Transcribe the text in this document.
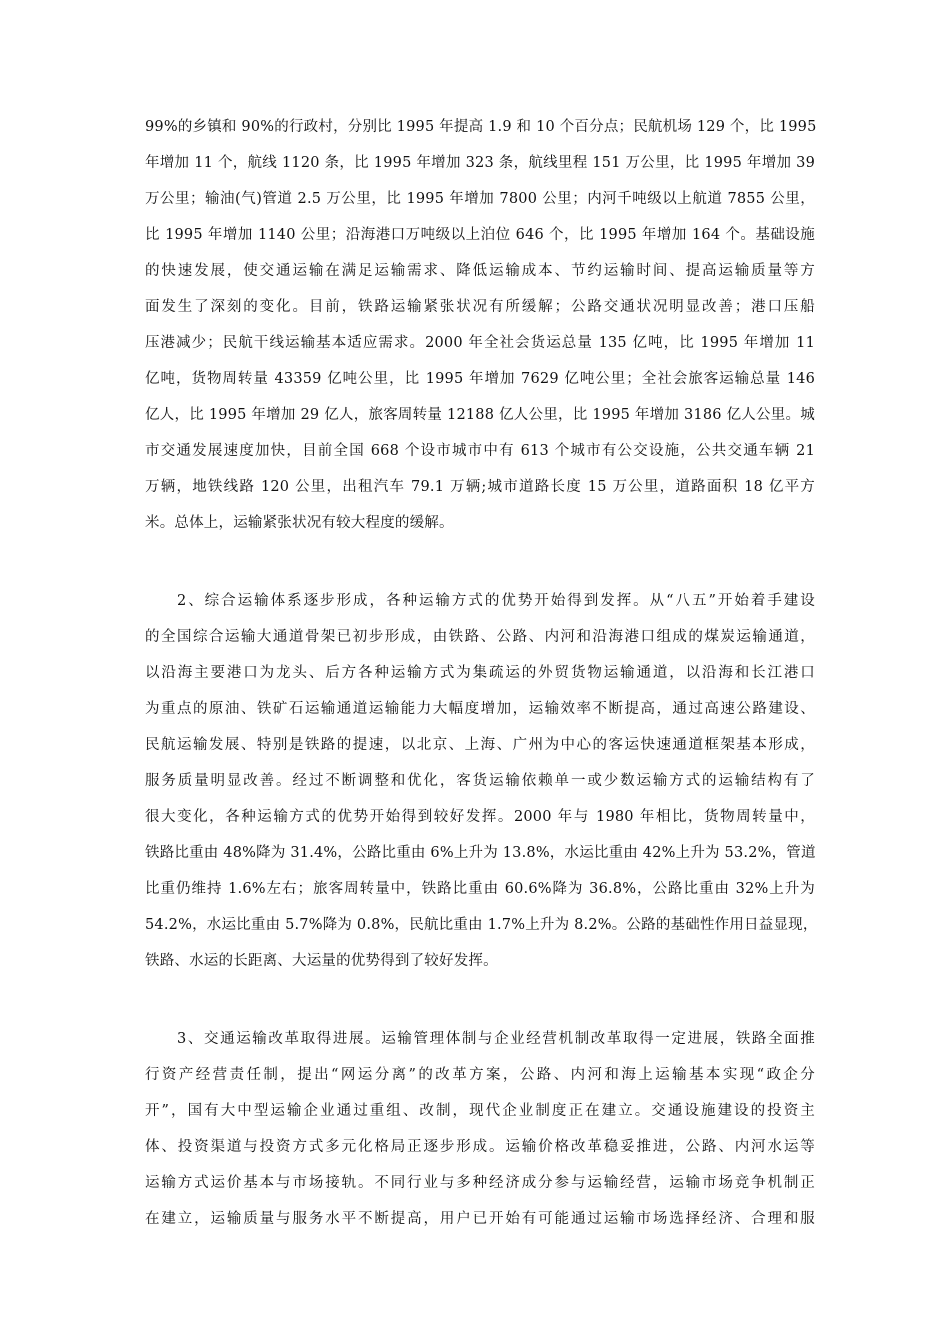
99%的乡镇和 90%的行政村，分别比 1995 年提高 1.9 和 10 个百分点；民航机场 129 个，比 1995
年增加 11 个，航线 1120 条，比 1995 年增加 323 条，航线里程 151 万公里，比 1995 年增加 39
万公里；输油(气)管道 2.5 万公里，比 1995 年增加 7800 公里；内河千吨级以上航道 7855 公里，
比 1995 年增加 1140 公里；沿海港口万吨级以上泊位 646 个，比 1995 年增加 164 个。基础设施
的快速发展，使交通运输在满足运输需求、降低运输成本、节约运输时间、提高运输质量等方
面发生了深刻的变化。目前，铁路运输紧张状况有所缓解；公路交通状况明显改善；港口压船
压港减少；民航干线运输基本适应需求。2000 年全社会货运总量 135 亿吨，比 1995 年增加 11
亿吨，货物周转量 43359 亿吨公里，比 1995 年增加 7629 亿吨公里；全社会旅客运输总量 146
亿人，比 1995 年增加 29 亿人，旅客周转量 12188 亿人公里，比 1995 年增加 3186 亿人公里。城
市交通发展速度加快，目前全国 668 个设市城市中有 613 个城市有公交设施，公共交通车辆 21
万辆，地铁线路 120 公里，出租汽车 79.1 万辆;城市道路长度 15 万公里，道路面积 18 亿平方
米。总体上，运输紧张状况有较大程度的缓解。
2、综合运输体系逐步形成，各种运输方式的优势开始得到发挥。从“八五”开始着手建设
的全国综合运输大通道骨架已初步形成，由铁路、公路、内河和沿海港口组成的煤炭运输通道，
以沿海主要港口为龙头、后方各种运输方式为集疏运的外贸货物运输通道，以沿海和长江港口
为重点的原油、铁矿石运输通道运输能力大幅度增加，运输效率不断提高，通过高速公路建设、
民航运输发展、特别是铁路的提速，以北京、上海、广州为中心的客运快速通道框架基本形成，
服务质量明显改善。经过不断调整和优化，客货运输依赖单一或少数运输方式的运输结构有了
很大变化，各种运输方式的优势开始得到较好发挥。2000 年与 1980 年相比，货物周转量中，
铁路比重由 48%降为 31.4%，公路比重由 6%上升为 13.8%，水运比重由 42%上升为 53.2%，管道
比重仍维持 1.6%左右；旅客周转量中，铁路比重由 60.6%降为 36.8%，公路比重由 32%上升为
54.2%，水运比重由 5.7%降为 0.8%，民航比重由 1.7%上升为 8.2%。公路的基础性作用日益显现，
铁路、水运的长距离、大运量的优势得到了较好发挥。
3、交通运输改革取得进展。运输管理体制与企业经营机制改革取得一定进展，铁路全面推
行资产经营责任制，提出“网运分离”的改革方案，公路、内河和海上运输基本实现“政企分
开”，国有大中型运输企业通过重组、改制，现代企业制度正在建立。交通设施建设的投资主
体、投资渠道与投资方式多元化格局正逐步形成。运输价格改革稳妥推进，公路、内河水运等
运输方式运价基本与市场接轨。不同行业与多种经济成分参与运输经营，运输市场竞争机制正
在建立，运输质量与服务水平不断提高，用户已开始有可能通过运输市场选择经济、合理和服
